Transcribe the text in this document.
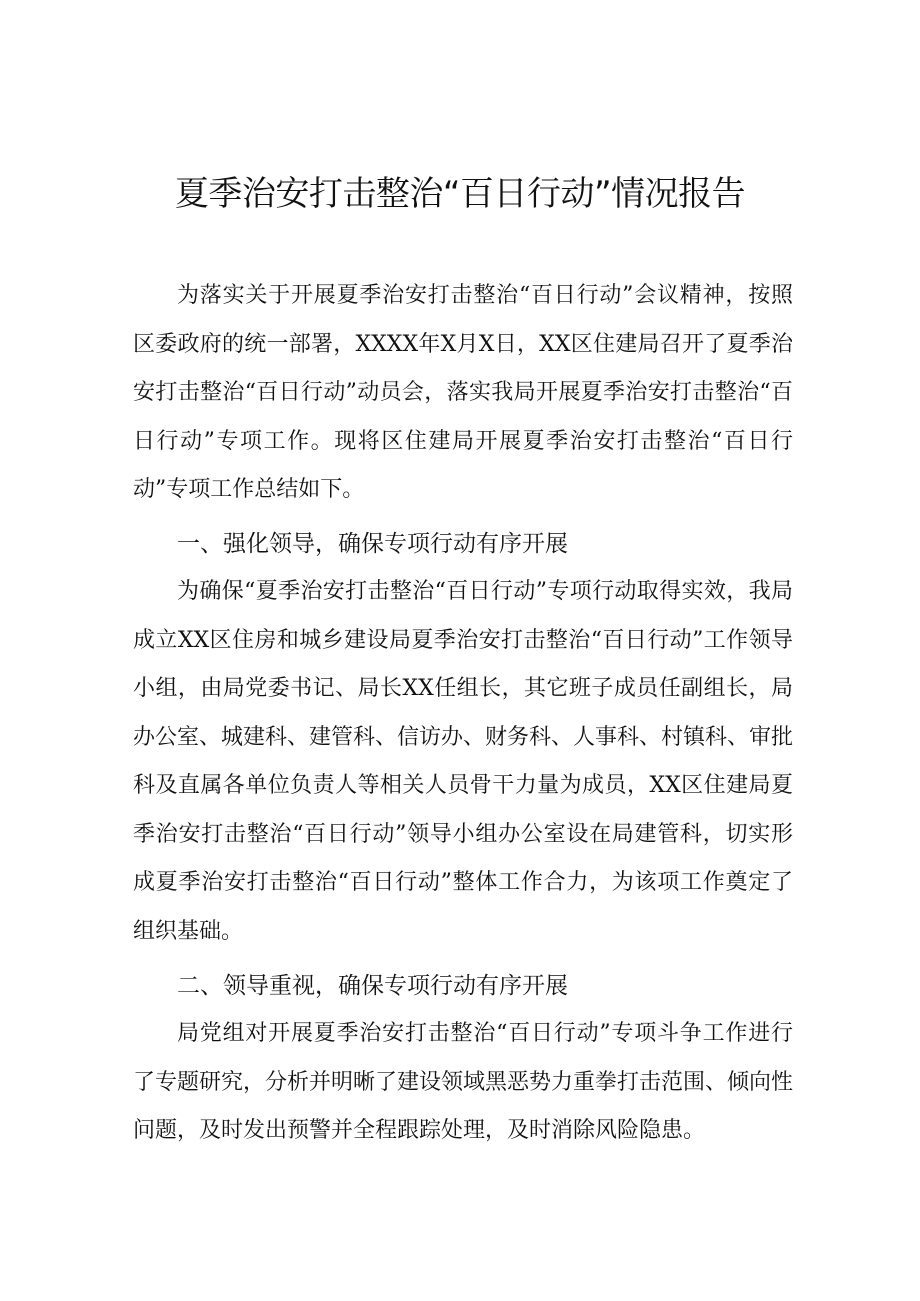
夏季治安打击整治“百日行动”情况报告

为落实关于开展夏季治安打击整治“百日行动”会议精神，按照区委政府的统一部署，XXXX年X月X日，XX区住建局召开了夏季治安打击整治“百日行动”动员会，落实我局开展夏季治安打击整治“百日行动”专项工作。现将区住建局开展夏季治安打击整治“百日行动”专项工作总结如下。

一、强化领导，确保专项行动有序开展

为确保“夏季治安打击整治“百日行动”专项行动取得实效，我局成立XX区住房和城乡建设局夏季治安打击整治“百日行动”工作领导小组，由局党委书记、局长XX任组长，其它班子成员任副组长，局办公室、城建科、建管科、信访办、财务科、人事科、村镇科、审批科及直属各单位负责人等相关人员骨干力量为成员，XX区住建局夏季治安打击整治“百日行动”领导小组办公室设在局建管科，切实形成夏季治安打击整治“百日行动”整体工作合力，为该项工作奠定了组织基础。

二、领导重视，确保专项行动有序开展

局党组对开展夏季治安打击整治“百日行动”专项斗争工作进行了专题研究，分析并明晰了建设领域黑恶势力重拳打击范围、倾向性问题，及时发出预警并全程跟踪处理，及时消除风险隐患。
